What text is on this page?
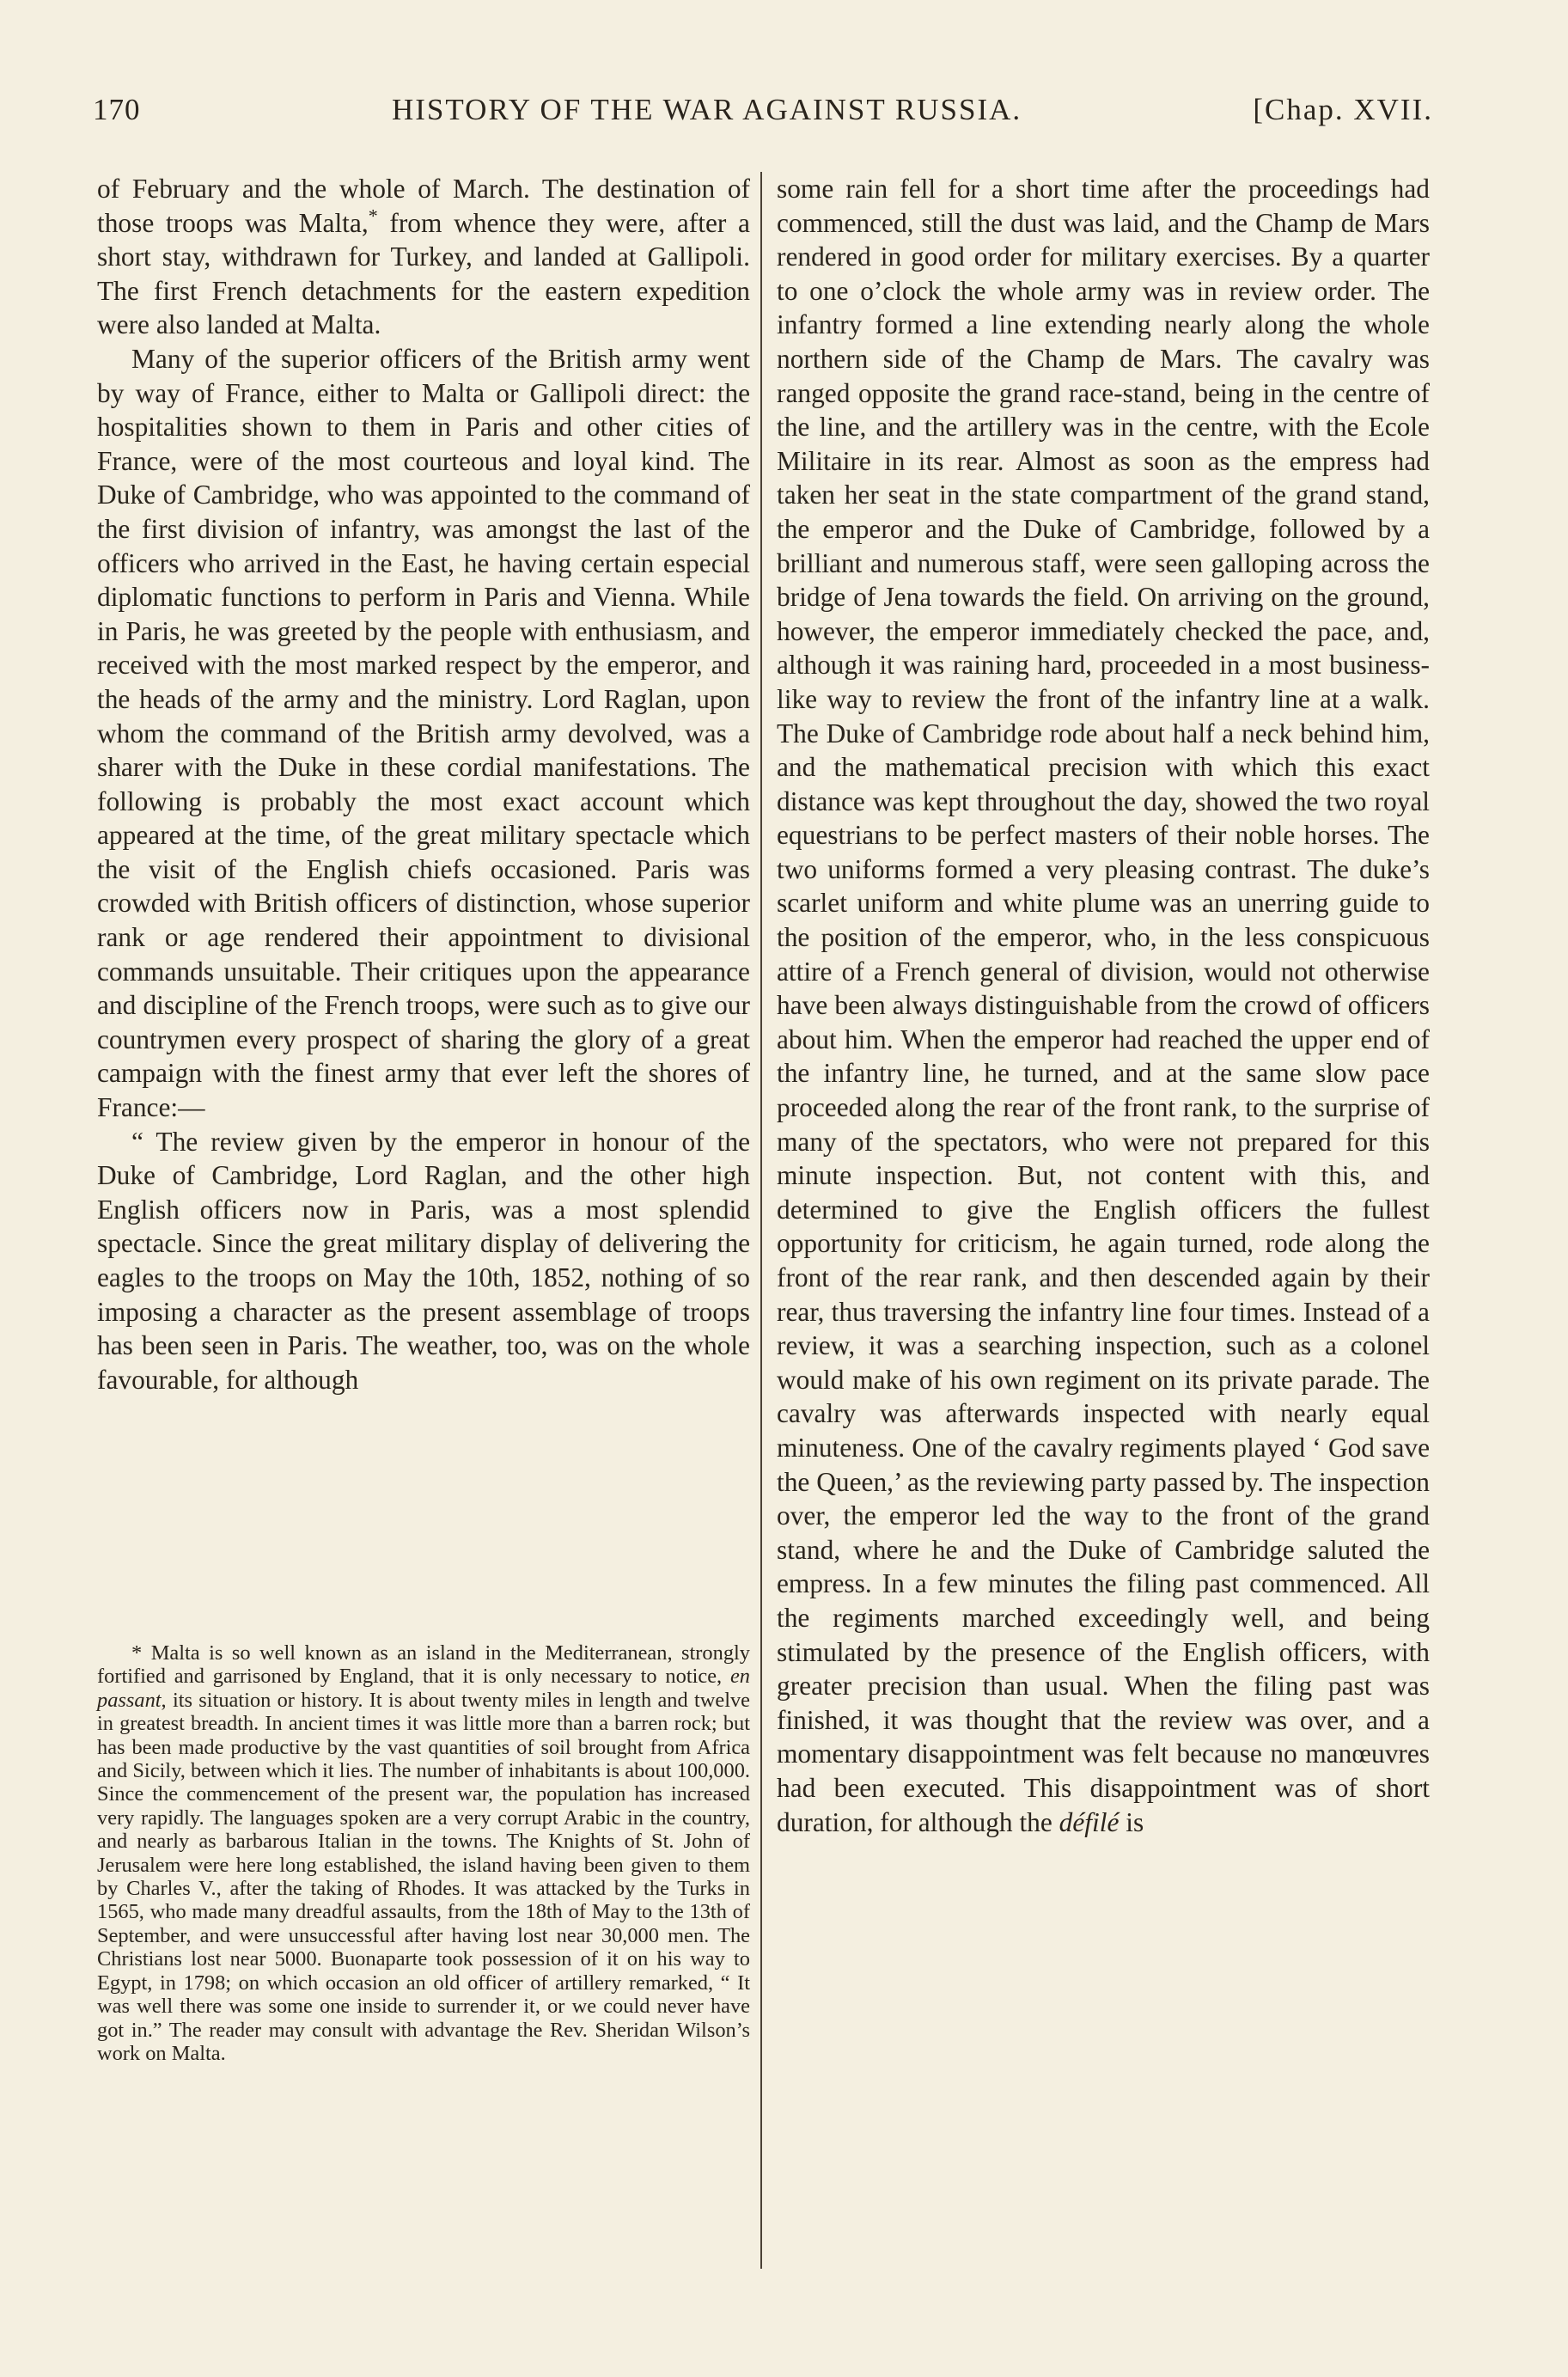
170	HISTORY OF THE WAR AGAINST RUSSIA.	[Chap. XVII.

of February and the whole of March. The destination of those troops was Malta,* from whence they were, after a short stay, withdrawn for Turkey, and landed at Gallipoli. The first French detachments for the eastern expedition were also landed at Malta.

Many of the superior officers of the British army went by way of France, either to Malta or Gallipoli direct: the hospitalities shown to them in Paris and other cities of France, were of the most courteous and loyal kind. The Duke of Cambridge, who was appointed to the command of the first division of infantry, was amongst the last of the officers who arrived in the East, he having certain especial diplomatic functions to perform in Paris and Vienna. While in Paris, he was greeted by the people with enthusiasm, and received with the most marked respect by the emperor, and the heads of the army and the ministry. Lord Raglan, upon whom the command of the British army devolved, was a sharer with the Duke in these cordial manifestations. The following is probably the most exact account which appeared at the time, of the great military spectacle which the visit of the English chiefs occasioned. Paris was crowded with British officers of distinction, whose superior rank or age rendered their appointment to divisional commands unsuitable. Their critiques upon the appearance and discipline of the French troops, were such as to give our countrymen every prospect of sharing the glory of a great campaign with the finest army that ever left the shores of France:—

“ The review given by the emperor in honour of the Duke of Cambridge, Lord Raglan, and the other high English officers now in Paris, was a most splendid spectacle. Since the great military display of delivering the eagles to the troops on May the 10th, 1852, nothing of so imposing a character as the present assemblage of troops has been seen in Paris. The weather, too, was on the whole favourable, for although

* Malta is so well known as an island in the Mediterranean, strongly fortified and garrisoned by England, that it is only necessary to notice, en passant, its situation or history. It is about twenty miles in length and twelve in greatest breadth. In ancient times it was little more than a barren rock; but has been made productive by the vast quantities of soil brought from Africa and Sicily, between which it lies. The number of inhabitants is about 100,000. Since the commencement of the present war, the population has increased very rapidly. The languages spoken are a very corrupt Arabic in the country, and nearly as barbarous Italian in the towns. The Knights of St. John of Jerusalem were here long established, the island having been given to them by Charles V., after the taking of Rhodes. It was attacked by the Turks in 1565, who made many dreadful assaults, from the 18th of May to the 13th of September, and were unsuccessful after having lost near 30,000 men. The Christians lost near 5000. Buonaparte took possession of it on his way to Egypt, in 1798; on which occasion an old officer of artillery remarked, “ It was well there was some one inside to surrender it, or we could never have got in.” The reader may consult with advantage the Rev. Sheridan Wilson’s work on Malta.

some rain fell for a short time after the proceedings had commenced, still the dust was laid, and the Champ de Mars rendered in good order for military exercises. By a quarter to one o’clock the whole army was in review order. The infantry formed a line extending nearly along the whole northern side of the Champ de Mars. The cavalry was ranged opposite the grand race-stand, being in the centre of the line, and the artillery was in the centre, with the Ecole Militaire in its rear. Almost as soon as the empress had taken her seat in the state compartment of the grand stand, the emperor and the Duke of Cambridge, followed by a brilliant and numerous staff, were seen galloping across the bridge of Jena towards the field. On arriving on the ground, however, the emperor immediately checked the pace, and, although it was raining hard, proceeded in a most business-like way to review the front of the infantry line at a walk. The Duke of Cambridge rode about half a neck behind him, and the mathematical precision with which this exact distance was kept throughout the day, showed the two royal equestrians to be perfect masters of their noble horses. The two uniforms formed a very pleasing contrast. The duke’s scarlet uniform and white plume was an unerring guide to the position of the emperor, who, in the less conspicuous attire of a French general of division, would not otherwise have been always distinguishable from the crowd of officers about him. When the emperor had reached the upper end of the infantry line, he turned, and at the same slow pace proceeded along the rear of the front rank, to the surprise of many of the spectators, who were not prepared for this minute inspection. But, not content with this, and determined to give the English officers the fullest opportunity for criticism, he again turned, rode along the front of the rear rank, and then descended again by their rear, thus traversing the infantry line four times. Instead of a review, it was a searching inspection, such as a colonel would make of his own regiment on its private parade. The cavalry was afterwards inspected with nearly equal minuteness. One of the cavalry regiments played ‘ God save the Queen,’ as the reviewing party passed by. The inspection over, the emperor led the way to the front of the grand stand, where he and the Duke of Cambridge saluted the empress. In a few minutes the filing past commenced. All the regiments marched exceedingly well, and being stimulated by the presence of the English officers, with greater precision than usual. When the filing past was finished, it was thought that the review was over, and a momentary disappointment was felt because no manœuvres had been executed. This disappointment was of short duration, for although the défilé is
